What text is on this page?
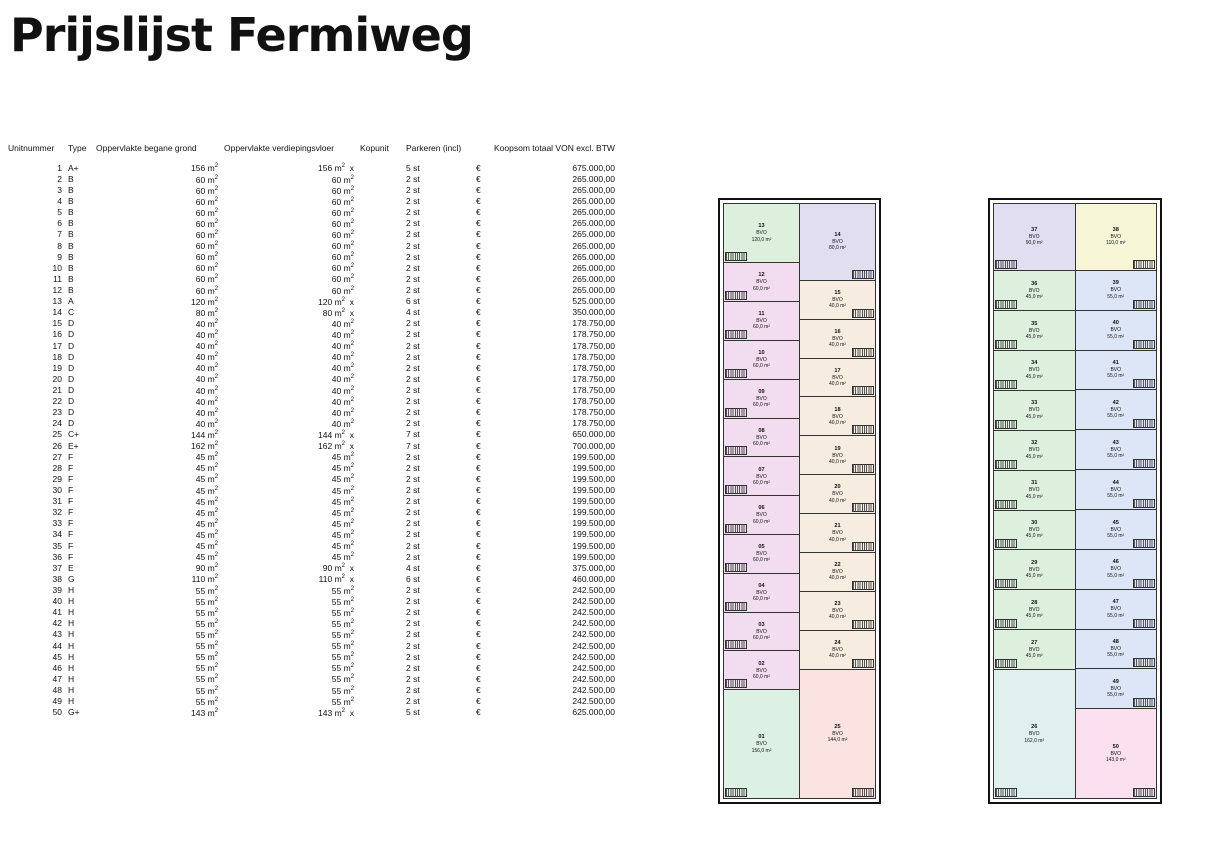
Prijslijst Fermiweg
Unitnummer	Type	Oppervlakte begane grond	Oppervlakte verdiepingsvloer	Kopunit	Parkeren (incl)		Koopsom totaal VON excl. BTW
1	A+	156 $m^2$	156 $m^2$  x		5 st	€	675.000,00
2	B	60 $m^2$	60 $m^2$		2 st	€	265.000,00
3	B	60 $m^2$	60 $m^2$		2 st	€	265.000,00
4	B	60 $m^2$	60 $m^2$		2 st	€	265.000,00
5	B	60 $m^2$	60 $m^2$		2 st	€	265.000,00
6	B	60 $m^2$	60 $m^2$		2 st	€	265.000,00
7	B	60 $m^2$	60 $m^2$		2 st	€	265.000,00
8	B	60 $m^2$	60 $m^2$		2 st	€	265.000,00
9	B	60 $m^2$	60 $m^2$		2 st	€	265.000,00
10	B	60 $m^2$	60 $m^2$		2 st	€	265.000,00
11	B	60 $m^2$	60 $m^2$		2 st	€	265.000,00
12	B	60 $m^2$	60 $m^2$		2 st	€	265.000,00
13	A	120 $m^2$	120 $m^2$  x		6 st	€	525.000,00
14	C	80 $m^2$	80 $m^2$  x		4 st	€	350.000,00
15	D	40 $m^2$	40 $m^2$		2 st	€	178.750,00
16	D	40 $m^2$	40 $m^2$		2 st	€	178.750,00
17	D	40 $m^2$	40 $m^2$		2 st	€	178.750,00
18	D	40 $m^2$	40 $m^2$		2 st	€	178.750,00
19	D	40 $m^2$	40 $m^2$		2 st	€	178.750,00
20	D	40 $m^2$	40 $m^2$		2 st	€	178.750,00
21	D	40 $m^2$	40 $m^2$		2 st	€	178.750,00
22	D	40 $m^2$	40 $m^2$		2 st	€	178.750,00
23	D	40 $m^2$	40 $m^2$		2 st	€	178.750,00
24	D	40 $m^2$	40 $m^2$		2 st	€	178.750,00
25	C+	144 $m^2$	144 $m^2$  x		7 st	€	650.000,00
26	E+	162 $m^2$	162 $m^2$  x		7 st	€	700.000,00
27	F	45 $m^2$	45 $m^2$		2 st	€	199.500,00
28	F	45 $m^2$	45 $m^2$		2 st	€	199.500,00
29	F	45 $m^2$	45 $m^2$		2 st	€	199.500,00
30	F	45 $m^2$	45 $m^2$		2 st	€	199.500,00
31	F	45 $m^2$	45 $m^2$		2 st	€	199.500,00
32	F	45 $m^2$	45 $m^2$		2 st	€	199.500,00
33	F	45 $m^2$	45 $m^2$		2 st	€	199.500,00
34	F	45 $m^2$	45 $m^2$		2 st	€	199.500,00
35	F	45 $m^2$	45 $m^2$		2 st	€	199.500,00
36	F	45 $m^2$	45 $m^2$		2 st	€	199.500,00
37	E	90 $m^2$	90 $m^2$  x		4 st	€	375.000,00
38	G	110 $m^2$	110 $m^2$  x		6 st	€	460.000,00
39	H	55 $m^2$	55 $m^2$		2 st	€	242.500,00
40	H	55 $m^2$	55 $m^2$		2 st	€	242.500,00
41	H	55 $m^2$	55 $m^2$		2 st	€	242.500,00
42	H	55 $m^2$	55 $m^2$		2 st	€	242.500,00
43	H	55 $m^2$	55 $m^2$		2 st	€	242.500,00
44	H	55 $m^2$	55 $m^2$		2 st	€	242.500,00
45	H	55 $m^2$	55 $m^2$		2 st	€	242.500,00
46	H	55 $m^2$	55 $m^2$		2 st	€	242.500,00
47	H	55 $m^2$	55 $m^2$		2 st	€	242.500,00
48	H	55 $m^2$	55 $m^2$		2 st	€	242.500,00
49	H	55 $m^2$	55 $m^2$		2 st	€	242.500,00
50	G+	143 $m^2$	143 $m^2$  x		5 st	€	625.000,00
13
BVO
120,0 m²
12
BVO
60,0 m²
11
BVO
60,0 m²
10
BVO
60,0 m²
09
BVO
60,0 m²
08
BVO
60,0 m²
07
BVO
60,0 m²
06
BVO
60,0 m²
05
BVO
60,0 m²
04
BVO
60,0 m²
03
BVO
60,0 m²
02
BVO
60,0 m²
01
BVO
156,0 m²
14
BVO
80,0 m²
15
BVO
40,0 m²
16
BVO
40,0 m²
17
BVO
40,0 m²
18
BVO
40,0 m²
19
BVO
40,0 m²
20
BVO
40,0 m²
21
BVO
40,0 m²
22
BVO
40,0 m²
23
BVO
40,0 m²
24
BVO
40,0 m²
25
BVO
144,0 m²
37
BVO
90,0 m²
36
BVO
45,0 m²
35
BVO
45,0 m²
34
BVO
45,0 m²
33
BVO
45,0 m²
32
BVO
45,0 m²
31
BVO
45,0 m²
30
BVO
45,0 m²
29
BVO
45,0 m²
28
BVO
45,0 m²
27
BVO
45,0 m²
26
BVO
162,0 m²
38
BVO
110,0 m²
39
BVO
55,0 m²
40
BVO
55,0 m²
41
BVO
55,0 m²
42
BVO
55,0 m²
43
BVO
55,0 m²
44
BVO
55,0 m²
45
BVO
55,0 m²
46
BVO
55,0 m²
47
BVO
55,0 m²
48
BVO
55,0 m²
49
BVO
55,0 m²
50
BVO
143,0 m²
